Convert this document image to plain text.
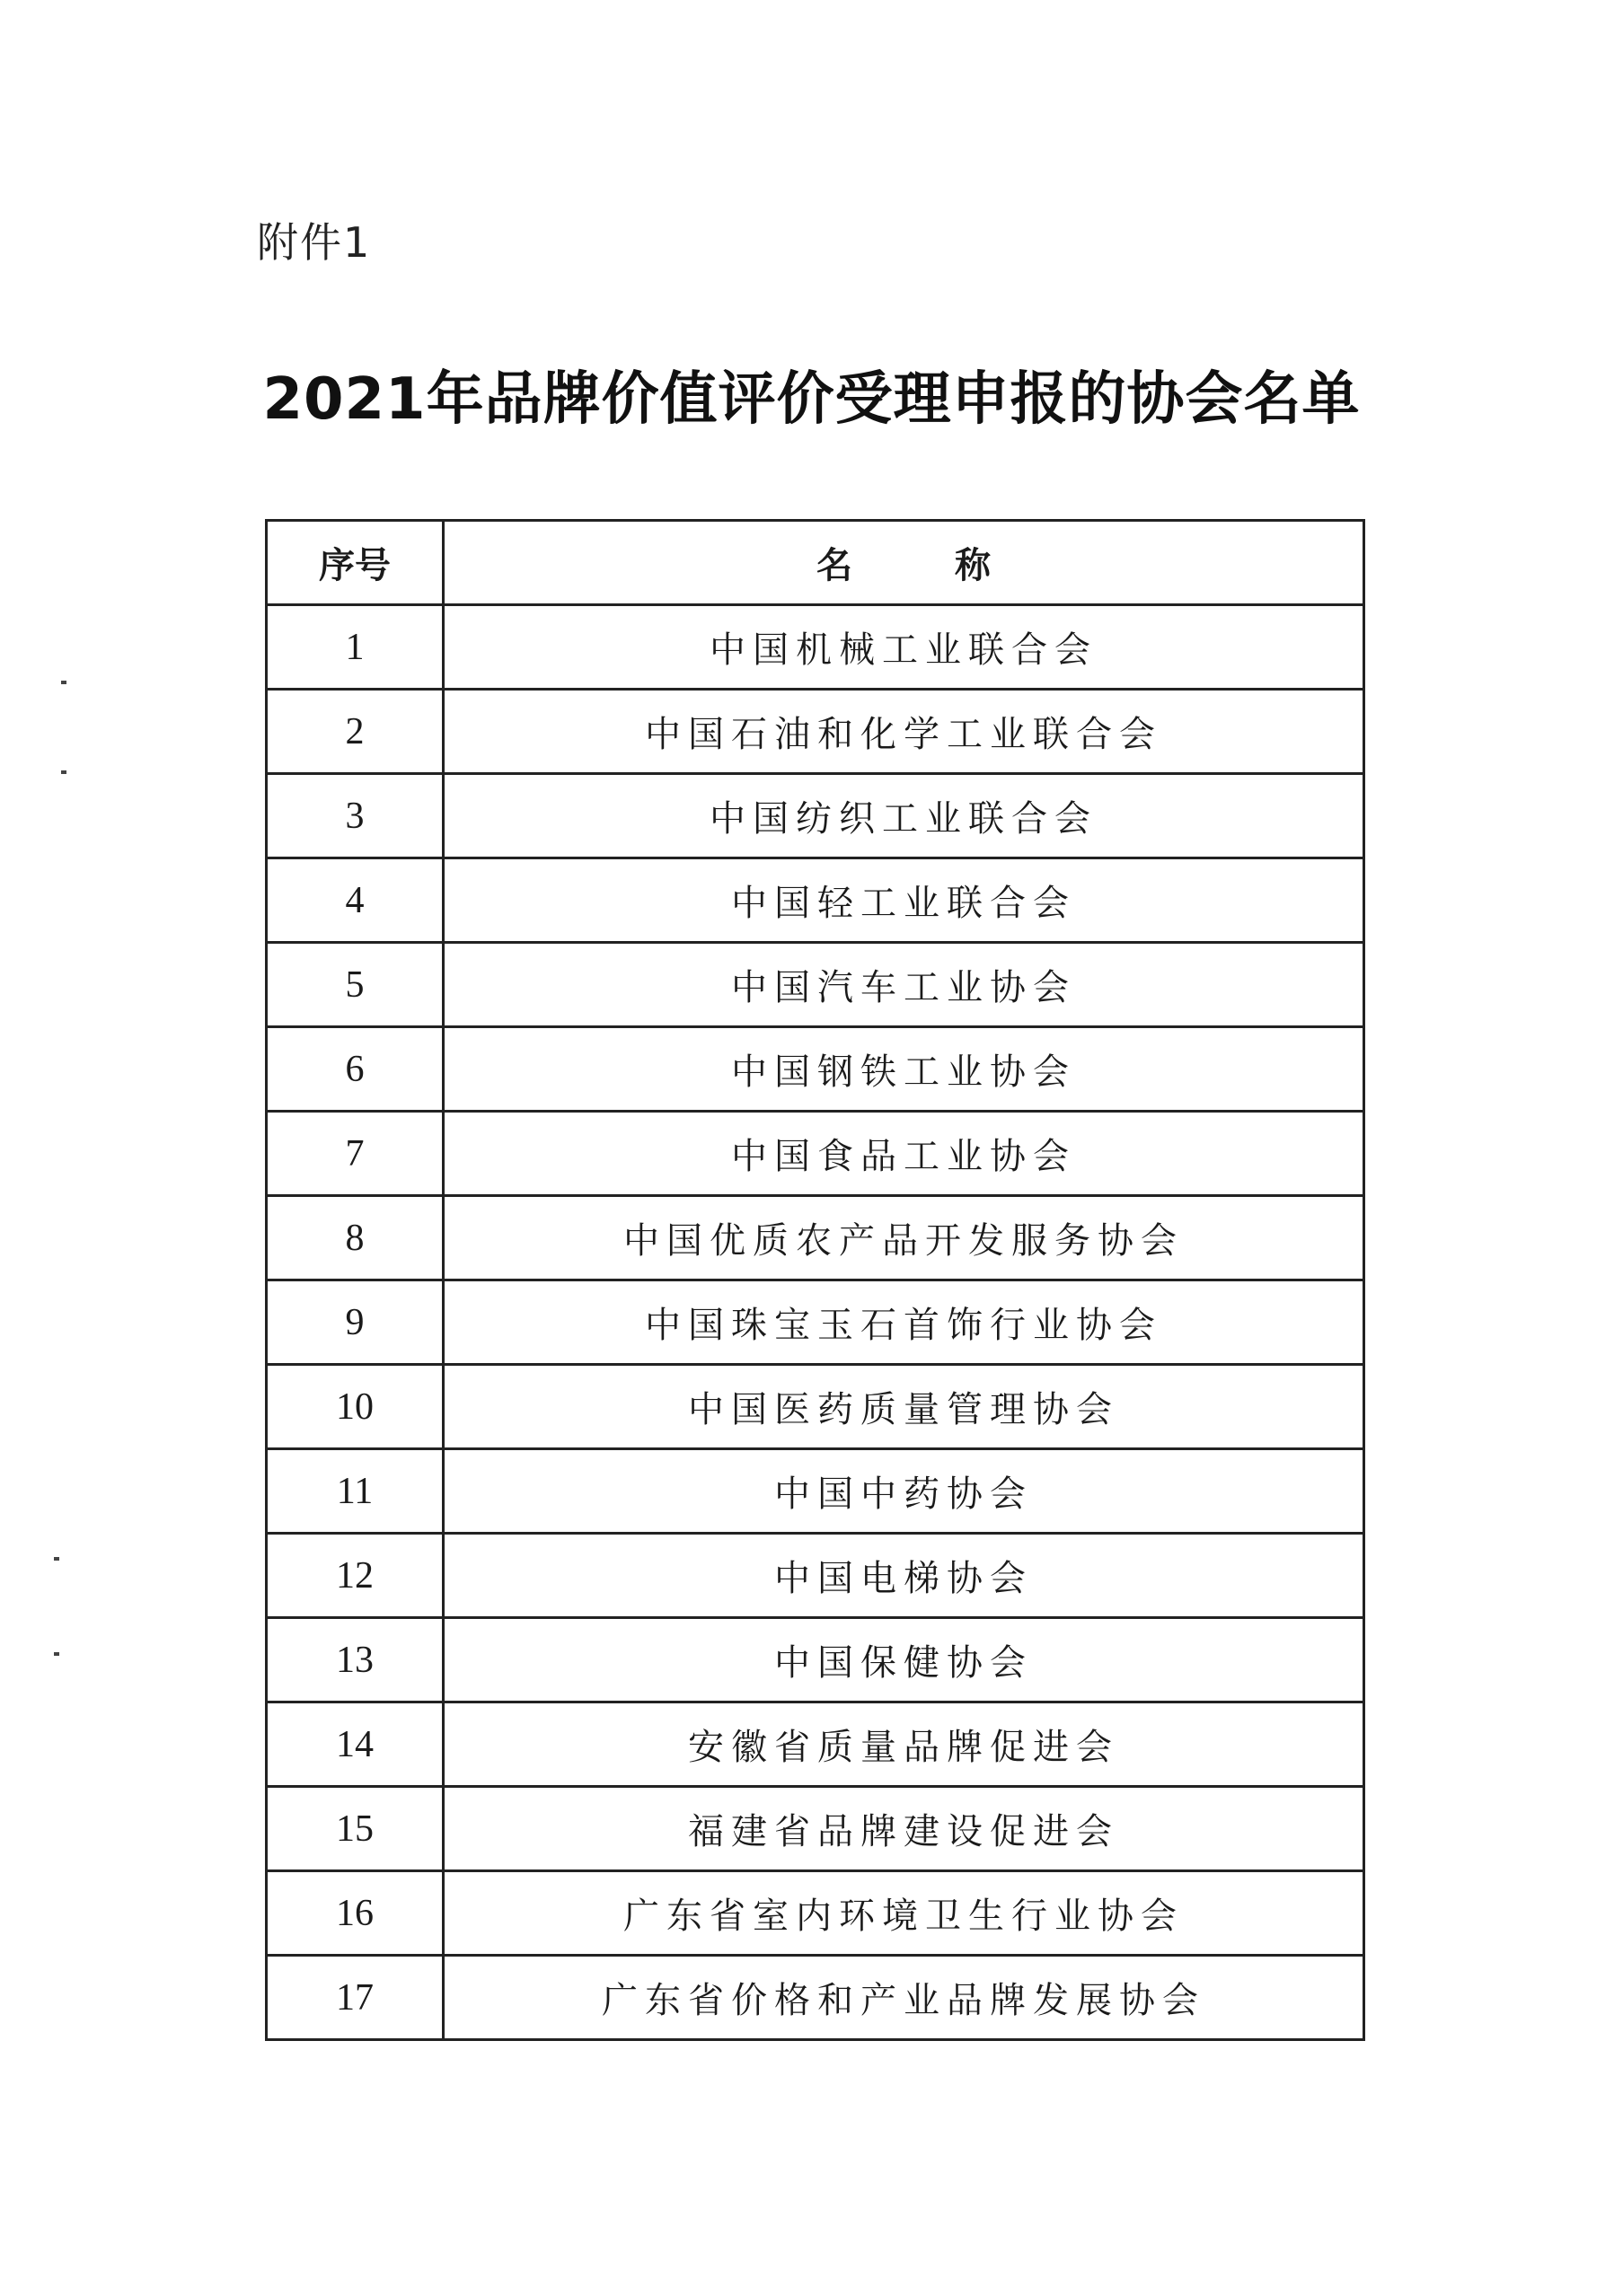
附件1
2021年品牌价值评价受理申报的协会名单
序号	名 称
1	中国机械工业联合会
2	中国石油和化学工业联合会
3	中国纺织工业联合会
4	中国轻工业联合会
5	中国汽车工业协会
6	中国钢铁工业协会
7	中国食品工业协会
8	中国优质农产品开发服务协会
9	中国珠宝玉石首饰行业协会
10	中国医药质量管理协会
11	中国中药协会
12	中国电梯协会
13	中国保健协会
14	安徽省质量品牌促进会
15	福建省品牌建设促进会
16	广东省室内环境卫生行业协会
17	广东省价格和产业品牌发展协会
